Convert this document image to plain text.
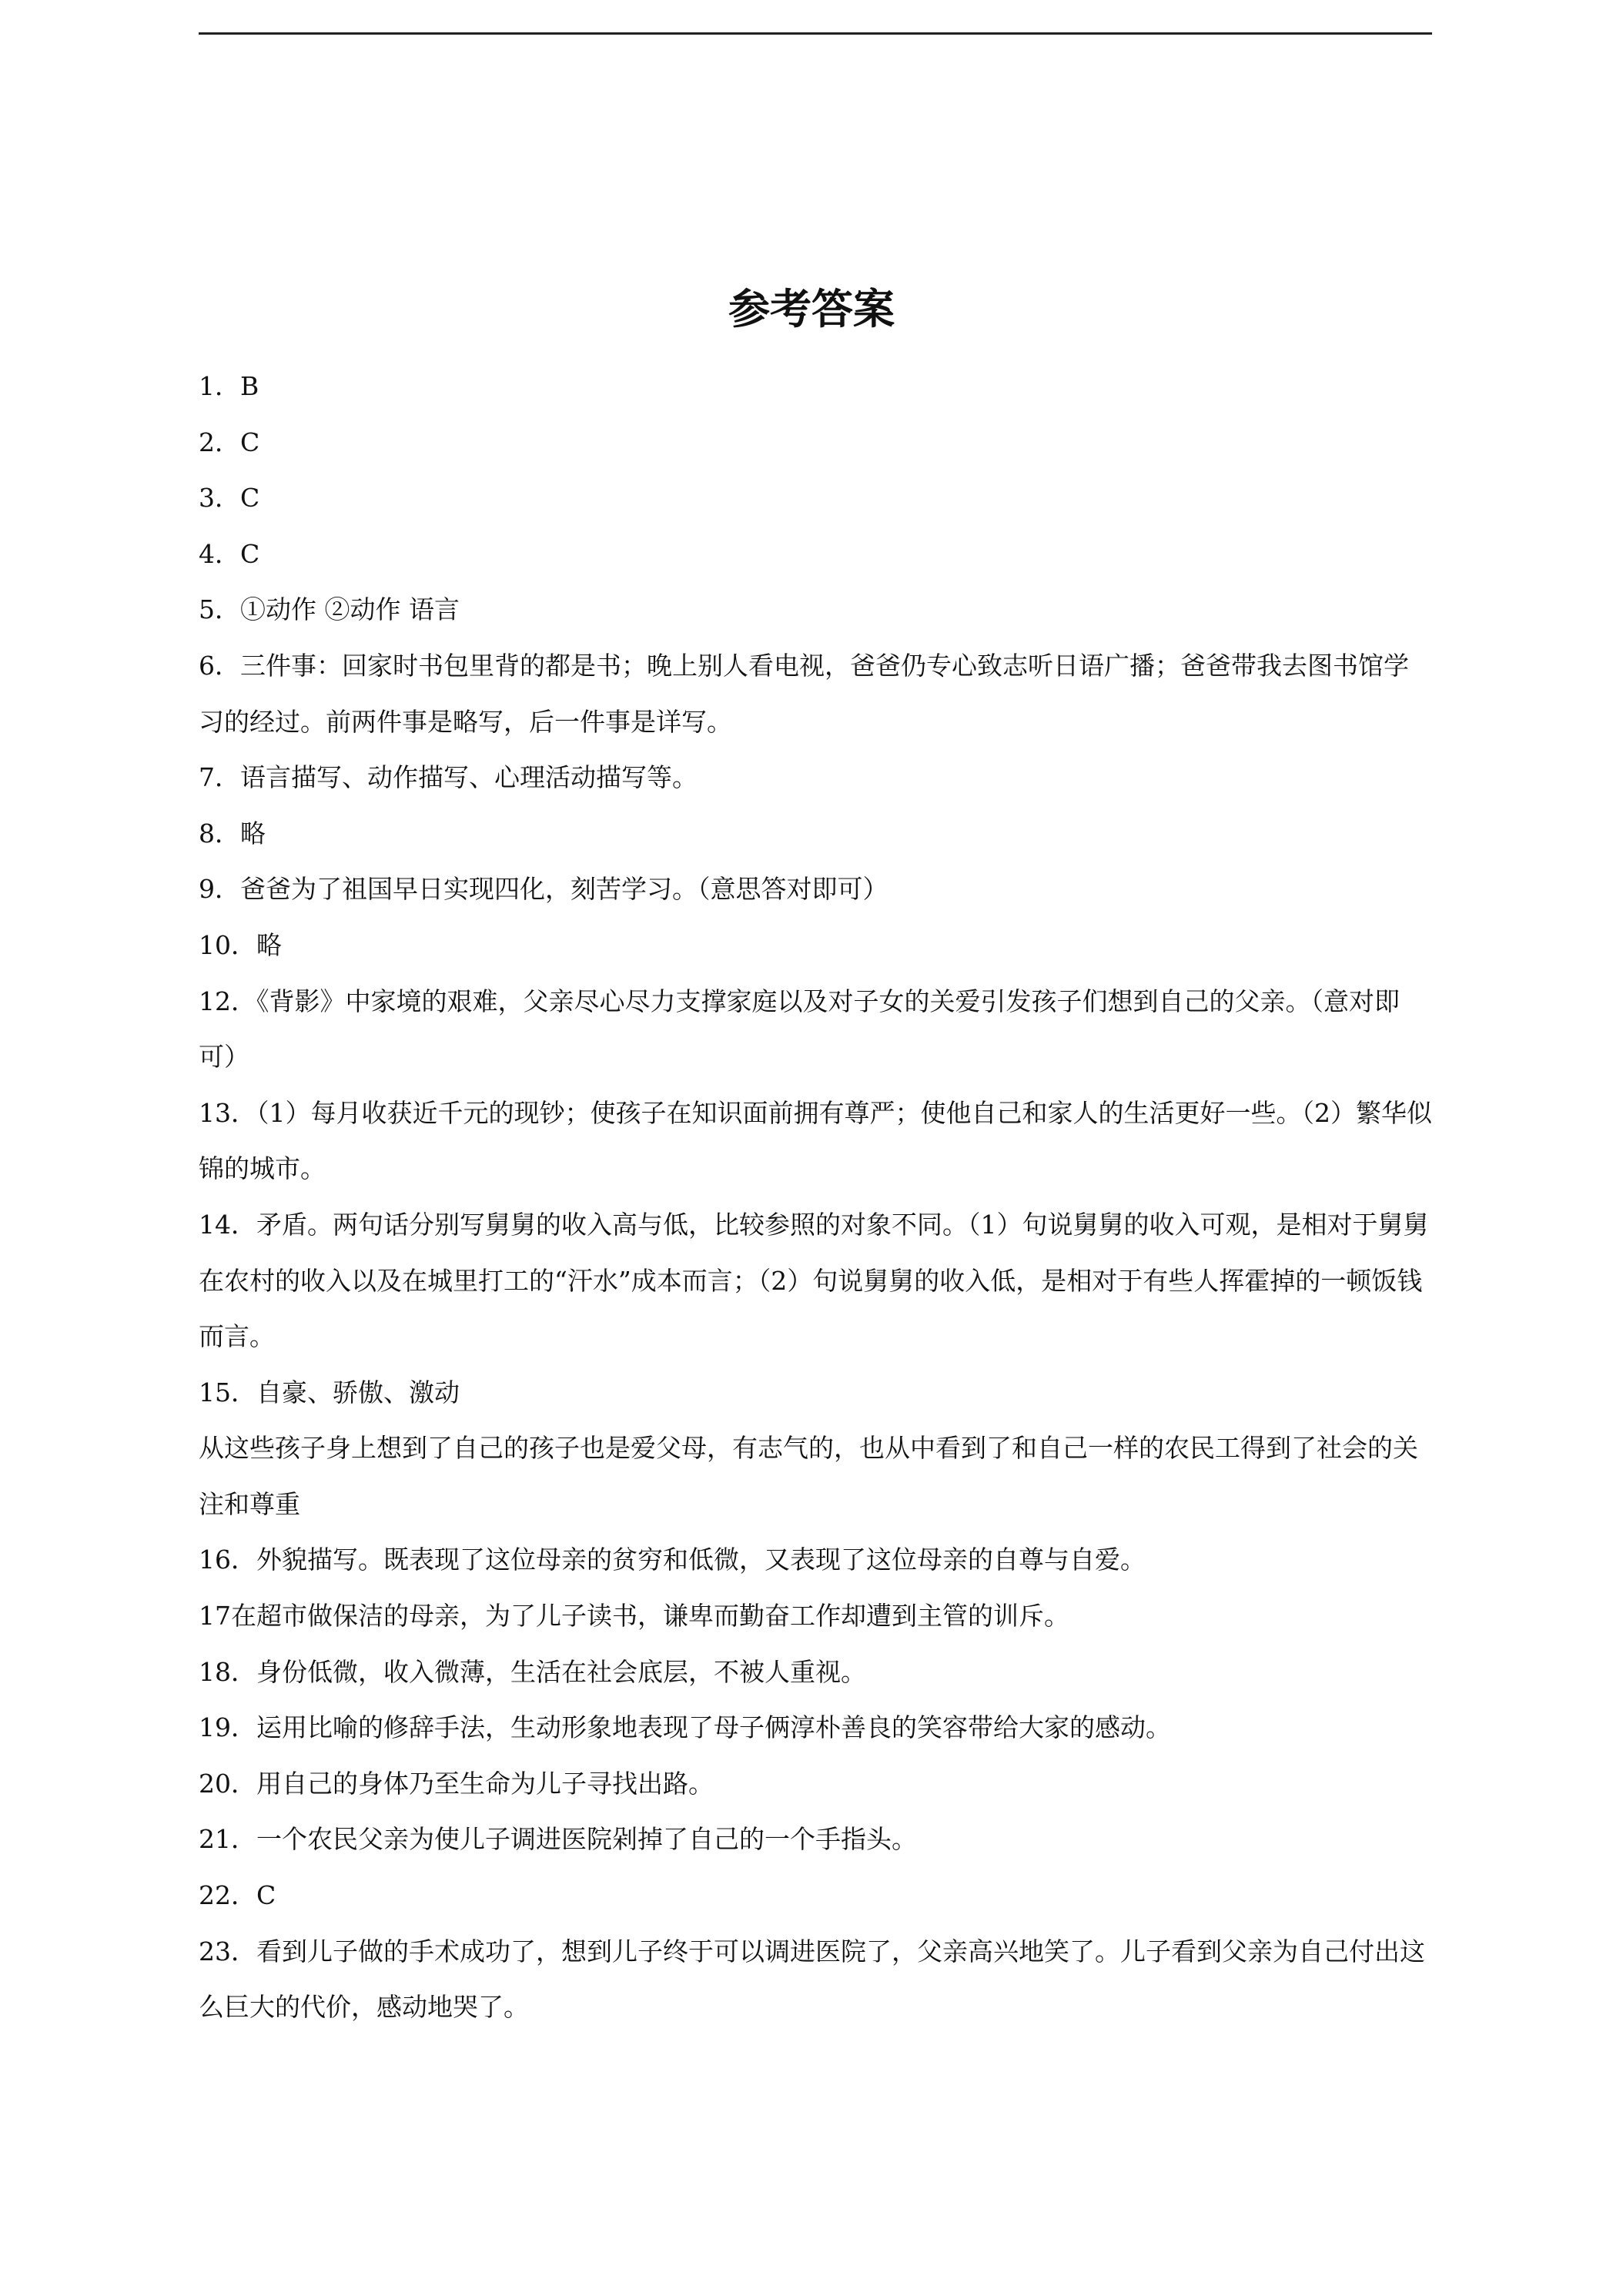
参考答案
1．B
2．C
3．C
4．C
5．①动作 ②动作 语言
6．三件事：回家时书包里背的都是书；晚上别人看电视，爸爸仍专心致志听日语广播；爸爸带我去图书馆学习的经过。前两件事是略写，后一件事是详写。
7．语言描写、动作描写、心理活动描写等。
8．略
9．爸爸为了祖国早日实现四化，刻苦学习。（意思答对即可）
10．略
12．《背影》中家境的艰难，父亲尽心尽力支撑家庭以及对子女的关爱引发孩子们想到自己的父亲。（意对即可）
13．（1）每月收获近千元的现钞；使孩子在知识面前拥有尊严；使他自己和家人的生活更好一些。（2）繁华似锦的城市。
14．矛盾。两句话分别写舅舅的收入高与低，比较参照的对象不同。（1）句说舅舅的收入可观，是相对于舅舅在农村的收入以及在城里打工的“汗水”成本而言；（2）句说舅舅的收入低，是相对于有些人挥霍掉的一顿饭钱而言。
15．自豪、骄傲、激动
从这些孩子身上想到了自己的孩子也是爱父母，有志气的，也从中看到了和自己一样的农民工得到了社会的关注和尊重
16．外貌描写。既表现了这位母亲的贫穷和低微，又表现了这位母亲的自尊与自爱。
17在超市做保洁的母亲，为了儿子读书，谦卑而勤奋工作却遭到主管的训斥。
18．身份低微，收入微薄，生活在社会底层，不被人重视。
19．运用比喻的修辞手法，生动形象地表现了母子俩淳朴善良的笑容带给大家的感动。
20．用自己的身体乃至生命为儿子寻找出路。
21．一个农民父亲为使儿子调进医院剁掉了自己的一个手指头。
22．C
23．看到儿子做的手术成功了，想到儿子终于可以调进医院了，父亲高兴地笑了。儿子看到父亲为自己付出这么巨大的代价，感动地哭了。
